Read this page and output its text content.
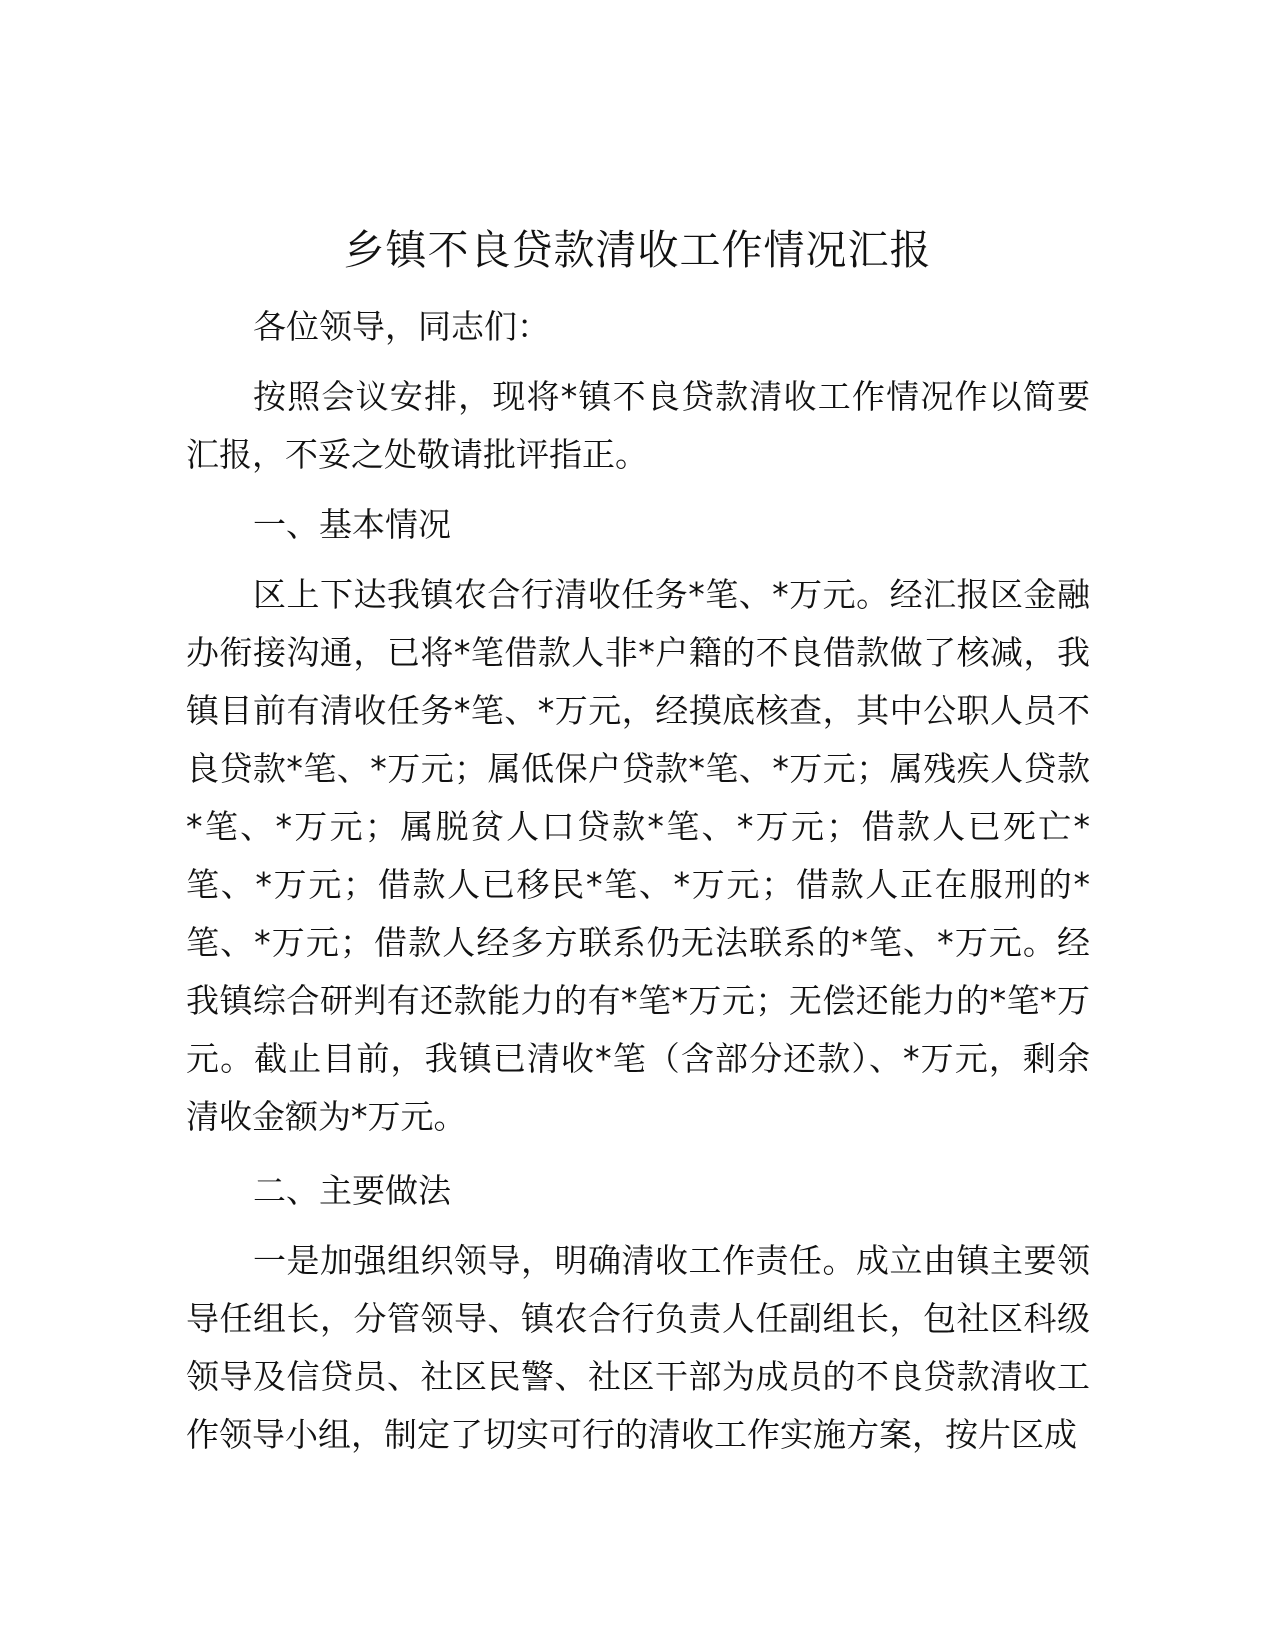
乡镇不良贷款清收工作情况汇报

各位领导，同志们：

按照会议安排，现将*镇不良贷款清收工作情况作以简要汇报，不妥之处敬请批评指正。

一、基本情况

区上下达我镇农合行清收任务*笔、*万元。经汇报区金融办衔接沟通，已将*笔借款人非*户籍的不良借款做了核减，我镇目前有清收任务*笔、*万元，经摸底核查，其中公职人员不良贷款*笔、*万元；属低保户贷款*笔、*万元；属残疾人贷款*笔、*万元；属脱贫人口贷款*笔、*万元；借款人已死亡*笔、*万元；借款人已移民*笔、*万元；借款人正在服刑的*笔、*万元；借款人经多方联系仍无法联系的*笔、*万元。经我镇综合研判有还款能力的有*笔*万元；无偿还能力的*笔*万元。截止目前，我镇已清收*笔（含部分还款）、*万元，剩余清收金额为*万元。

二、主要做法

一是加强组织领导，明确清收工作责任。成立由镇主要领导任组长，分管领导、镇农合行负责人任副组长，包社区科级领导及信贷员、社区民警、社区干部为成员的不良贷款清收工作领导小组，制定了切实可行的清收工作实施方案，按片区成
